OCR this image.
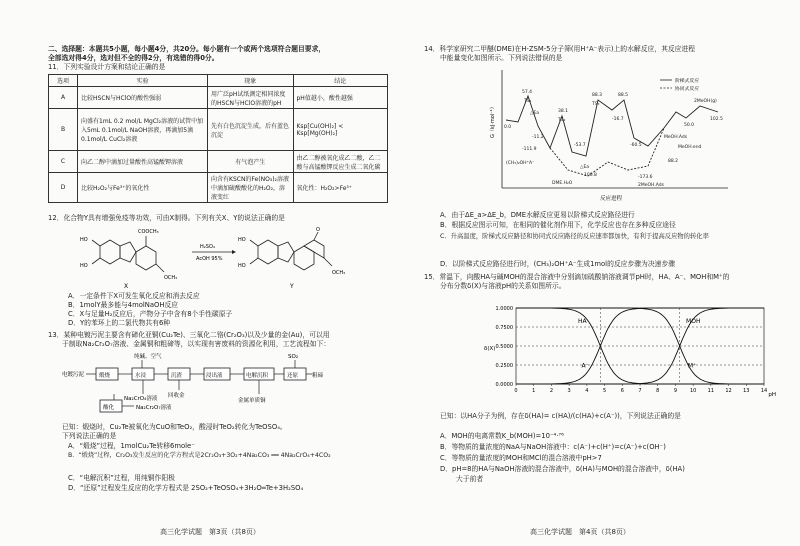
二、选择题：本题共5小题，每小题4分，共20分。每小题有一个或两个选项符合题目要求，
全部选对得4分，选对但不全的得2分，有选错的得0分。
11．下列实验设计方案和结论正确的是
选项	实验	现象	结论
A	比较HSCN与HClO的酸性强弱	用广泛pH试纸测定相同浓度的HSCN与HClO溶液的pH	pH值越小，酸性越强
B	向盛有1mL 0.2 mol/L MgCl₂溶液的试管中加入5mL 0.1mol/L NaOH溶液，再滴加5滴0.1mol/L CuCl₂溶液	先有白色沉淀生成，后有蓝色沉淀	Ksp[Cu(OH)₂] < Ksp[Mg(OH)₂]
C	向乙二醇中滴加过量酸性高锰酸钾溶液	有气泡产生	由乙二醇被氧化成乙二酸，乙二酸与高锰酸钾反应生成二氧化碳
D	比较H₂O₂与Fe³⁺的氧化性	向含有KSCN的Fe(NO₃)₂溶液中滴加硫酸酸化的H₂O₂，溶液变红	氧化性：H₂O₂>Fe³⁺
12．化合物Y具有增强免疫等功效，可由X制得。下列有关X、Y的说法正确的是
HO
HO
COOCH₃
OCH₃
X
H₂SO₄
AcOH 95%
HO
HO
O
OCH₃
Y
A．一定条件下X可发生氧化反应和消去反应
B．1molY最多能与4molNaOH反应
C．X与足量H₂反应后，产物分子中含有8个手性碳原子
D．Y的苯环上的二氯代物共有6种
13．某种电镀污泥主要含有碲化亚铜(Cu₂Te)、三氧化二铬(Cr₂O₃)以及少量的金(Au)，可以用
于制取Na₂Cr₂O₇溶液、金属铜和粗碲等，以实现有害废料的资源化利用，工艺流程如下：
纯碱、空气	SO₂
电镀污泥	煅烧	水浸	沉渣	浸出液	电解沉积	还原	粗碲
Na₂CrO₄溶液 回收金
金属单质铜
酸化	Na₂Cr₂O₇溶液
已知：煅烧时，Cu₂Te被氧化为CuO和TeO₂，酸浸时TeO₂转化为TeOSO₄。
下列说法正确的是
A．“煅烧”过程，1molCu₂Te转移6mole⁻
B．“煅烧”过程，Cr₂O₃发生反应的化学方程式是2Cr₂O₃+3O₂+4Na₂CO₃ ══ 4Na₂CrO₄+4CO₂
C．“电解沉积”过程，用纯铜作阳极
D．“还原”过程发生反应的化学方程式是 2SO₂+TeOSO₄+3H₂O═Te+3H₂SO₄
高三化学试题　第3页（共8页）
14．科学家研究二甲醚(DME)在H-ZSM-5分子筛(用H⁺A⁻表示)上的水解反应，其反应进程
中能量变化如图所示。下列说法错误的是
G（kJ·mol⁻¹）
反应进程
57.4
TS₁
88.3
TS₃
88.5
0.0
-11.2
△Ea	38.1
TS₂
-53.7
-16.7
△Ea
106.8
-60.5
50.0
2MeOH(g)
102.5
-111.9
-173.6
2MeOH.Ads
(CH₃)₂OH⁺A⁻
DME.H₂O
MeOH.Ads
MeOH.end
88.2
阶梯式反应
协同式反应
A．由于ΔE_a>ΔE_b，DME水解反应更易以阶梯式反应路径进行
B．根据反应图示可知，在相同的催化剂作用下，化学反应也存在多种反应途径
C．升高温度，阶梯式反应路径和协同式反应路径的反应速率都加快，有利于提高反应物的转化率
D．以阶梯式反应路径进行时，(CH₃)₂OH⁺A⁻生成1mol的反应步骤为决速步骤
15．常温下，向酸HA与碱MOH的混合溶液中分别滴加硫酸钠溶液调节pH时，HA、A⁻、MOH和M⁺的
分布分数δ(X)与溶液pH的关系如图所示。
δ(X)
pH
1.0000
0.7500
0.5000
0.2500
0.0000
0	1	2	3	4	5	6	7	8	9	10 11 12 13 14
HA	MOH
A⁻	M⁺
已知：以HA分子为例，存在δ(HA)= c(HA)/(c(HA)+c(A⁻))，下列说法正确的是
A．MOH的电离常数K_b(MOH)=10⁻⁴·⁷⁶
B．等物质的量浓度的NaA与NaOH溶液中：c(A⁻)+c(H⁺)=c(A⁻)+c(OH⁻)
C．等物质的量浓度的MOH和MCl的混合溶液中pH>7
D．pH=8的HA与NaOH溶液的混合溶液中，δ(HA)与MOH的混合溶液中，δ(HA)
大于前者
高三化学试题　第4页（共8页）
